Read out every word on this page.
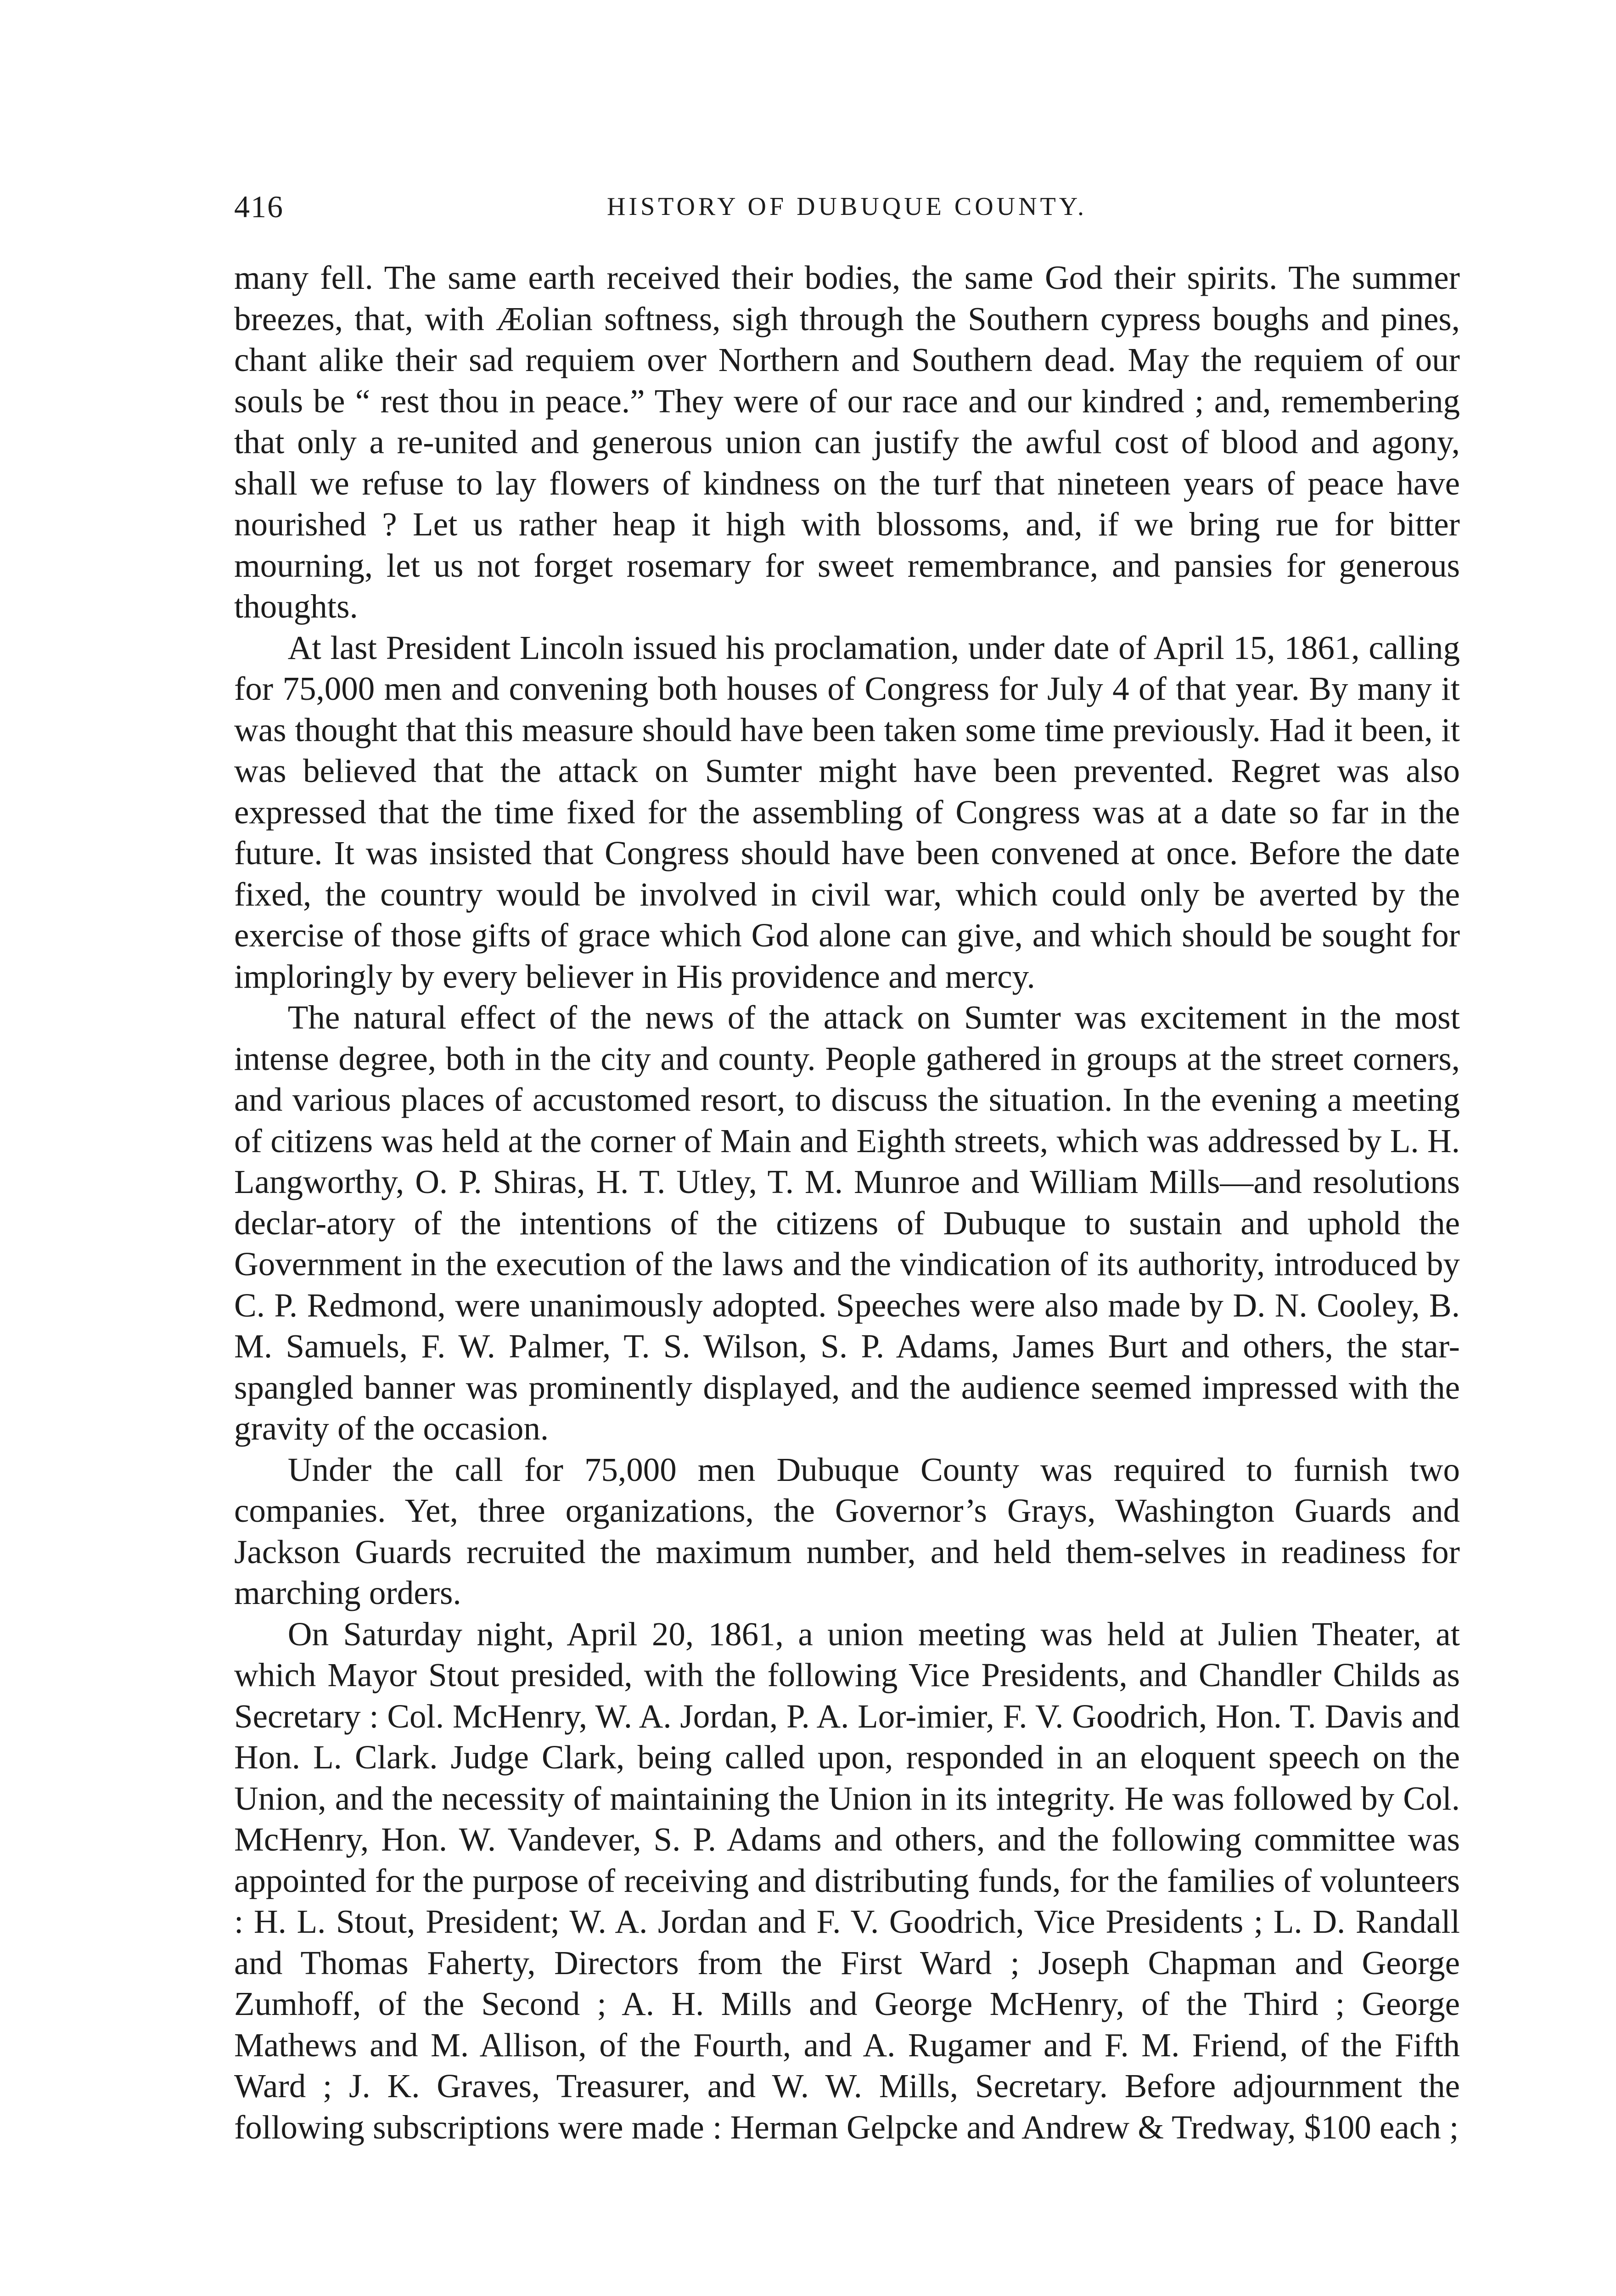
416	HISTORY OF DUBUQUE COUNTY.

many fell. The same earth received their bodies, the same God their spirits. The summer breezes, that, with Æolian softness, sigh through the Southern cypress boughs and pines, chant alike their sad requiem over Northern and Southern dead. May the requiem of our souls be “ rest thou in peace.” They were of our race and our kindred ; and, remembering that only a re-united and generous union can justify the awful cost of blood and agony, shall we refuse to lay flowers of kindness on the turf that nineteen years of peace have nourished ? Let us rather heap it high with blossoms, and, if we bring rue for bitter mourning, let us not forget rosemary for sweet remembrance, and pansies for generous thoughts.

At last President Lincoln issued his proclamation, under date of April 15, 1861, calling for 75,000 men and convening both houses of Congress for July 4 of that year. By many it was thought that this measure should have been taken some time previously. Had it been, it was believed that the attack on Sumter might have been prevented. Regret was also expressed that the time fixed for the assembling of Congress was at a date so far in the future. It was insisted that Congress should have been convened at once. Before the date fixed, the country would be involved in civil war, which could only be averted by the exercise of those gifts of grace which God alone can give, and which should be sought for imploringly by every believer in His providence and mercy.

The natural effect of the news of the attack on Sumter was excitement in the most intense degree, both in the city and county. People gathered in groups at the street corners, and various places of accustomed resort, to discuss the situation. In the evening a meeting of citizens was held at the corner of Main and Eighth streets, which was addressed by L. H. Langworthy, O. P. Shiras, H. T. Utley, T. M. Munroe and William Mills—and resolutions declar-atory of the intentions of the citizens of Dubuque to sustain and uphold the Government in the execution of the laws and the vindication of its authority, introduced by C. P. Redmond, were unanimously adopted. Speeches were also made by D. N. Cooley, B. M. Samuels, F. W. Palmer, T. S. Wilson, S. P. Adams, James Burt and others, the star-spangled banner was prominently displayed, and the audience seemed impressed with the gravity of the occasion.

Under the call for 75,000 men Dubuque County was required to furnish two companies. Yet, three organizations, the Governor’s Grays, Washington Guards and Jackson Guards recruited the maximum number, and held them-selves in readiness for marching orders.

On Saturday night, April 20, 1861, a union meeting was held at Julien Theater, at which Mayor Stout presided, with the following Vice Presidents, and Chandler Childs as Secretary : Col. McHenry, W. A. Jordan, P. A. Lor-imier, F. V. Goodrich, Hon. T. Davis and Hon. L. Clark. Judge Clark, being called upon, responded in an eloquent speech on the Union, and the necessity of maintaining the Union in its integrity. He was followed by Col. McHenry, Hon. W. Vandever, S. P. Adams and others, and the following committee was appointed for the purpose of receiving and distributing funds, for the families of volunteers : H. L. Stout, President; W. A. Jordan and F. V. Goodrich, Vice Presidents ; L. D. Randall and Thomas Faherty, Directors from the First Ward ; Joseph Chapman and George Zumhoff, of the Second ; A. H. Mills and George McHenry, of the Third ; George Mathews and M. Allison, of the Fourth, and A. Rugamer and F. M. Friend, of the Fifth Ward ; J. K. Graves, Treasurer, and W. W. Mills, Secretary. Before adjournment the following subscriptions were made : Herman Gelpcke and Andrew & Tredway, $100 each ;
